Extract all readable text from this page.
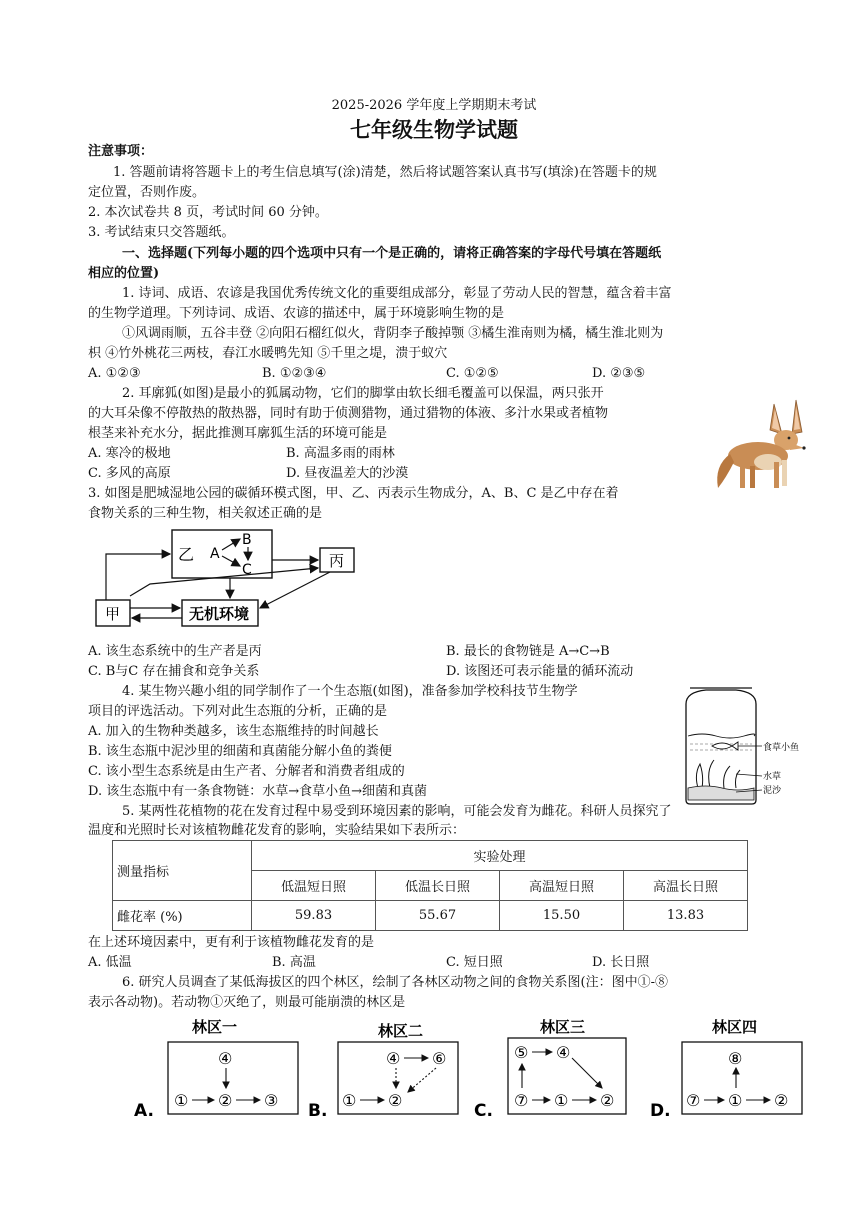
2025-2026 学年度上学期期末考试
七年级生物学试题
注意事项：
1. 答题前请将答题卡上的考生信息填写(涂)清楚，然后将试题答案认真书写(填涂)在答题卡的规
定位置，否则作废。
2. 本次试卷共 8 页，考试时间 60 分钟。
3. 考试结束只交答题纸。
一、选择题(下列每小题的四个选项中只有一个是正确的，请将正确答案的字母代号填在答题纸
相应的位置)
1. 诗词、成语、农谚是我国优秀传统文化的重要组成部分，彰显了劳动人民的智慧，蕴含着丰富
的生物学道理。下列诗词、成语、农谚的描述中，属于环境影响生物的是
①风调雨顺，五谷丰登 ②向阳石榴红似火，背阴李子酸掉颚 ③橘生淮南则为橘，橘生淮北则为
枳 ④竹外桃花三两枝，春江水暖鸭先知 ⑤千里之堤，溃于蚁穴
A. ①②③	B. ①②③④	C. ①②⑤	D. ②③⑤
2. 耳廓狐(如图)是最小的狐属动物，它们的脚掌由软长细毛覆盖可以保温，两只张开
的大耳朵像不停散热的散热器，同时有助于侦测猎物，通过猎物的体液、多汁水果或者植物
根茎来补充水分，据此推测耳廓狐生活的环境可能是
A. 寒冷的极地	B. 高温多雨的雨林
C. 多风的高原	D. 昼夜温差大的沙漠
3. 如图是肥城湿地公园的碳循环模式图，甲、乙、丙表示生物成分，A、B、C 是乙中存在着
食物关系的三种生物，相关叙述正确的是
乙 A
B
C	丙
甲	无机环境
A. 该生态系统中的生产者是丙	B. 最长的食物链是 A→C→B
C. B与C 存在捕食和竞争关系	D. 该图还可表示能量的循环流动
4. 某生物兴趣小组的同学制作了一个生态瓶(如图)，准备参加学校科技节生物学
项目的评选活动。下列对此生态瓶的分析，正确的是
A. 加入的生物种类越多，该生态瓶维持的时间越长
B. 该生态瓶中泥沙里的细菌和真菌能分解小鱼的粪便
C. 该小型生态系统是由生产者、分解者和消费者组成的
D. 该生态瓶中有一条食物链：水草→食草小鱼→细菌和真菌
食草小鱼
水草
泥沙
5. 某两性花植物的花在发育过程中易受到环境因素的影响，可能会发育为雌花。科研人员探究了
温度和光照时长对该植物雌花发育的影响，实验结果如下表所示：
测量指标	实验处理			
	低温短日照	低温长日照	高温短日照	高温长日照
雌花率 (%)	59.83	55.67	15.50	13.83
在上述环境因素中，更有利于该植物雌花发育的是
A. 低温	B. 高温	C. 短日照	D. 长日照
6. 研究人员调查了某低海拔区的四个林区，绘制了各林区动物之间的食物关系图(注：图中①-⑧
表示各动物)。若动物①灭绝了，则最可能崩溃的林区是
林区一
A.
④
① ② ③
林区二
B.
④ ⑥
① ②
林区三
C.
⑤ ④
⑦ ① ②
林区四
D.
⑧
⑦ ① ②
